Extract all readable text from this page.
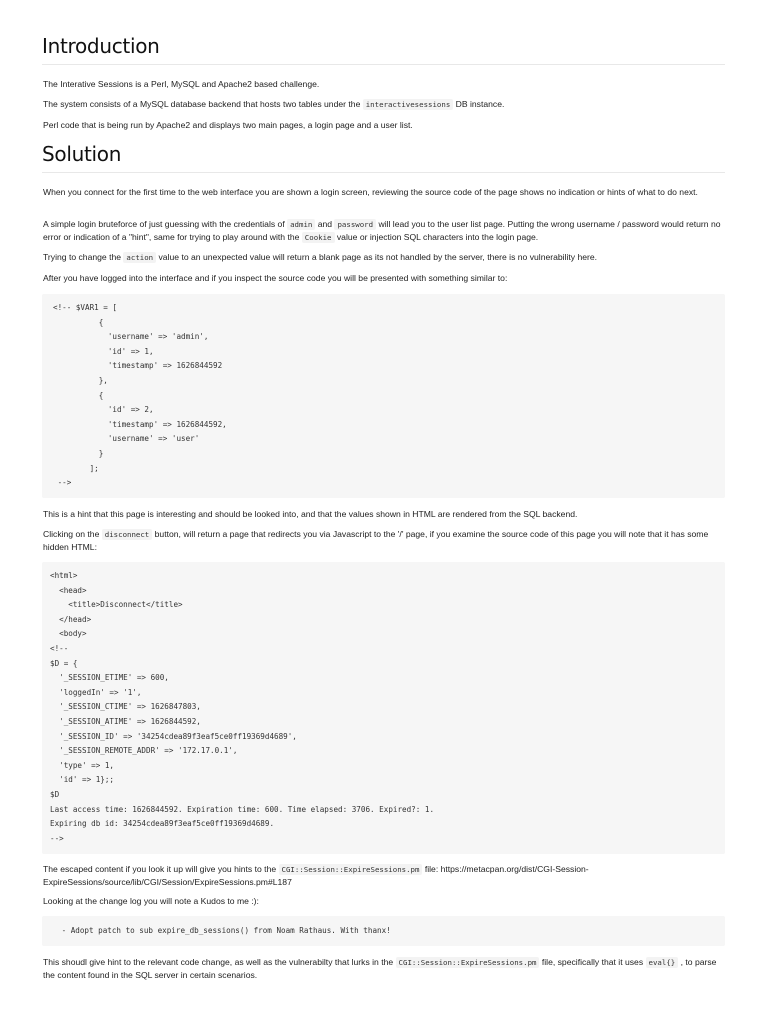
Introduction

The Interative Sessions is a Perl, MySQL and Apache2 based challenge.

The system consists of a MySQL database backend that hosts two tables under the interactivesessions DB instance.

Perl code that is being run by Apache2 and displays two main pages, a login page and a user list.

Solution

When you connect for the first time to the web interface you are shown a login screen, reviewing the source code of the page shows no indication or hints of what to do next.

A simple login bruteforce of just guessing with the credentials of admin and password will lead you to the user list page. Putting the wrong username / password would return no error or indication of a "hint", same for trying to play around with the Cookie value or injection SQL characters into the login page.

Trying to change the action value to an unexpected value will return a blank page as its not handled by the server, there is no vulnerability here.

After you have logged into the interface and if you inspect the source code you will be presented with something similar to:

<!-- $VAR1 = [
{
'username' => 'admin',
'id' => 1,
'timestamp' => 1626844592
},
{
'id' => 2,
'timestamp' => 1626844592,
'username' => 'user'
}
];
-->

This is a hint that this page is interesting and should be looked into, and that the values shown in HTML are rendered from the SQL backend.

Clicking on the disconnect button, will return a page that redirects you via Javascript to the '/' page, if you examine the source code of this page you will note that it has some hidden HTML:

<html>
<head>
<title>Disconnect</title>
</head>
<body>
<!--
$D = {
'_SESSION_ETIME' => 600,
'loggedIn' => '1',
'_SESSION_CTIME' => 1626847803,
'_SESSION_ATIME' => 1626844592,
'_SESSION_ID' => '34254cdea89f3eaf5ce0ff19369d4689',
'_SESSION_REMOTE_ADDR' => '172.17.0.1',
'type' => 1,
'id' => 1};;
$D
Last access time: 1626844592. Expiration time: 600. Time elapsed: 3706. Expired?: 1.
Expiring db id: 34254cdea89f3eaf5ce0ff19369d4689.
-->

The escaped content if you look it up will give you hints to the CGI::Session::ExpireSessions.pm file: https://metacpan.org/dist/CGI-Session-ExpireSessions/source/lib/CGI/Session/ExpireSessions.pm#L187

Looking at the change log you will note a Kudos to me :):

- Adopt patch to sub expire_db_sessions() from Noam Rathaus. With thanx!

This shoudl give hint to the relevant code change, as well as the vulnerabilty that lurks in the CGI::Session::ExpireSessions.pm file, specifically that it uses eval{} , to parse the content found in the SQL server in certain scenarios.
